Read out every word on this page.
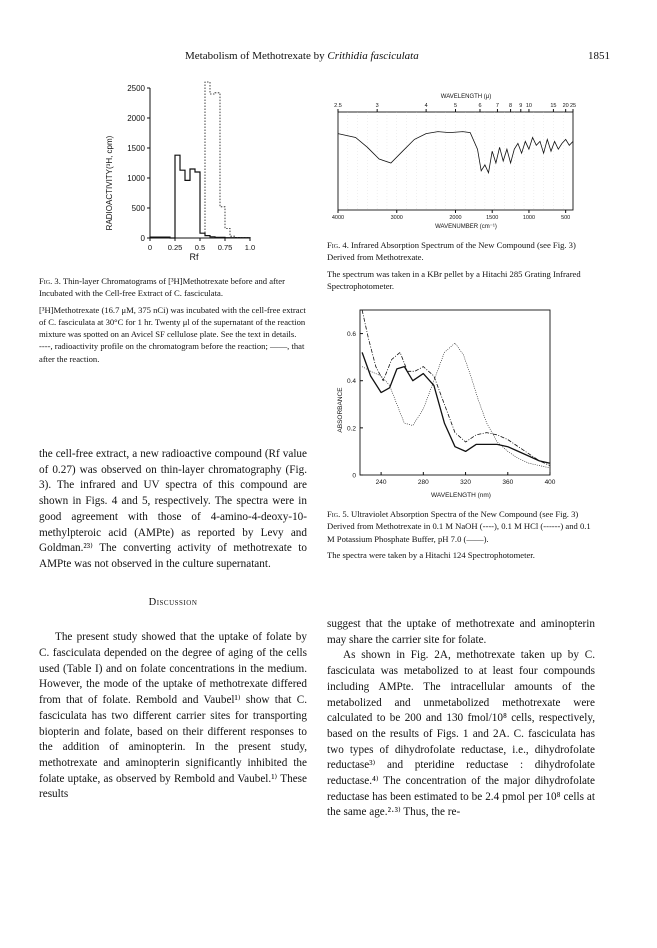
Metabolism of Methotrexate by Crithidia fasciculata	1851
0
500
1000
1500
2000
2500
0 0.25 0.5 0.75 1.0
RADIOACTIVITY(³H, cpm)
Rf
Fig. 3. Thin-layer Chromatograms of [³H]Methotrexate before and after Incubated with the Cell-free Extract of C. fasciculata.
[³H]Methotrexate (16.7 μM, 375 nCi) was incubated with the cell-free extract of C. fasciculata at 30°C for 1 hr. Twenty μl of the supernatant of the reaction mixture was spotted on an Avicel SF cellulose plate. See the text in details.
----, radioactivity profile on the chromatogram before the reaction; ——, that after the reaction.
WAVELENGTH (μ)
4000	3000	2000	1500	1000	500
2.5	3	4	5	6	7 8 9 10	15 20 25
WAVENUMBER (cm⁻¹)
Fig. 4. Infrared Absorption Spectrum of the New Compound (see Fig. 3) Derived from Methotrexate.
The spectrum was taken in a KBr pellet by a Hitachi 285 Grating Infrared Spectrophotometer.
0
0.2
0.4
0.6
240	280	320	360	400
ABSORBANCE
WAVELENGTH (nm)
Fig. 5. Ultraviolet Absorption Spectra of the New Compound (see Fig. 3) Derived from Methotrexate in 0.1 M NaOH (----), 0.1 M HCl (------) and 0.1 M Potassium Phosphate Buffer, pH 7.0 (——).
The spectra were taken by a Hitachi 124 Spectrophotometer.

the cell-free extract, a new radioactive compound (Rf value of 0.27) was observed on thin-layer chromatography (Fig. 3). The infrared and UV spectra of this compound are shown in Figs. 4 and 5, respectively. The spectra were in good agreement with those of 4-amino-4-deoxy-10-methylpteroic acid (AMPte) as reported by Levy and Goldman.²³⁾ The converting activity of methotrexate to AMPte was not observed in the culture supernatant.

Discussion

The present study showed that the uptake of folate by C. fasciculata depended on the degree of aging of the cells used (Table I) and on folate concentrations in the medium. However, the mode of the uptake of methotrexate differed from that of folate. Rembold and Vaubel¹⁾ show that C. fasciculata has two different carrier sites for transporting biopterin and folate, based on their different responses to the addition of aminopterin. In the present study, methotrexate and aminopterin significantly inhibited the folate uptake, as observed by Rembold and Vaubel.¹⁾ These results

suggest that the uptake of methotrexate and aminopterin may share the carrier site for folate.

As shown in Fig. 2A, methotrexate taken up by C. fasciculata was metabolized to at least four compounds including AMPte. The intracellular amounts of the metabolized and unmetabolized methotrexate were calculated to be 200 and 130 fmol/10⁸ cells, respectively, based on the results of Figs. 1 and 2A. C. fasciculata has two types of dihydrofolate reductase, i.e., dihydrofolate reductase³⁾ and pteridine reductase : dihydrofolate reductase.⁴⁾ The concentration of the major dihydrofolate reductase has been estimated to be 2.4 pmol per 10⁸ cells at the same age.²·³⁾ Thus, the re-
